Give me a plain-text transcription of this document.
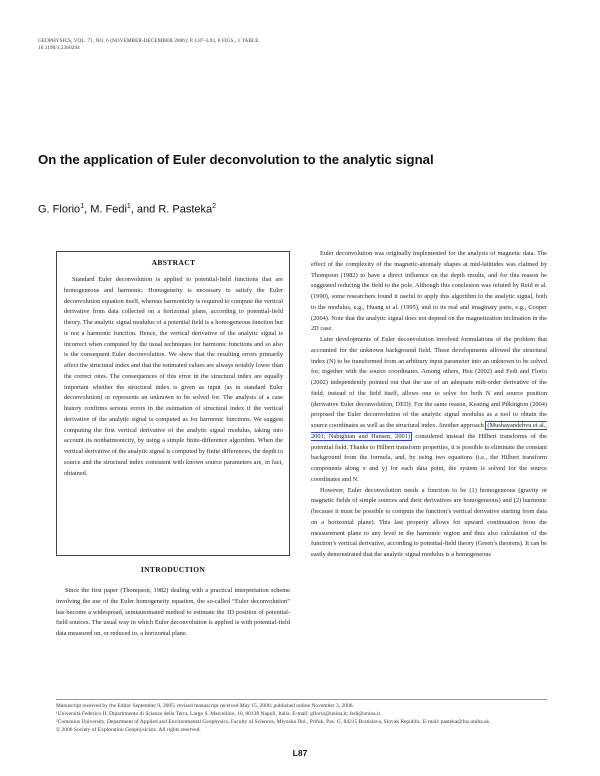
GEOPHYSICS, VOL. 71, NO. 6 (NOVEMBER-DECEMBER 2006); P. L87–L93, 6 FIGS., 1 TABLE.
10.1190/1.2360204
On the application of Euler deconvolution to the analytic signal
G. Florio$^1$, M. Fedi$^1$, and R. Pasteka$^2$
ABSTRACT
Standard Euler deconvolution is applied to potential-field functions that are homogeneous and harmonic. Homogeneity is necessary to satisfy the Euler deconvolution equation itself, whereas harmonicity is required to compute the vertical derivative from data collected on a horizontal plane, according to potential-field theory. The analytic signal modulus of a potential field is a homogeneous function but is not a harmonic function. Hence, the vertical derivative of the analytic signal is incorrect when computed by the usual techniques for harmonic functions and so also is the consequent Euler deconvolution. We show that the resulting errors primarily affect the structural index and that the estimated values are always notably lower than the correct ones. The consequences of this error in the structural index are equally important whether the structural index is given as input (as in standard Euler deconvolution) or represents an unknown to be solved for. The analysis of a case history confirms serious errors in the estimation of structural index if the vertical derivative of the analytic signal is computed as for harmonic functions. We suggest computing the first vertical derivative of the analytic signal modulus, taking into account its nonharmonicity, by using a simple finite-difference algorithm. When the vertical derivative of the analytic signal is computed by finite differences, the depth to source and the structural index consistent with known source parameters are, in fact, obtained.
INTRODUCTION

Since the first paper (Thompson, 1982) dealing with a practical interpretation scheme involving the use of the Euler homogeneity equation, the so-called “Euler deconvolution” has become a widespread, semiautomated method to estimate the 3D position of potential-field sources. The usual way in which Euler deconvolution is applied is with potential-field data measured on, or reduced to, a horizontal plane.

Euler deconvolution was originally implemented for the analysis of magnetic data. The effect of the complexity of the magnetic-anomaly shapes at mid-latitudes was claimed by Thompson (1982) to have a direct influence on the depth results, and for this reason he suggested reducing the field to the pole. Although this conclusion was refuted by Reid et al. (1990), some researchers found it useful to apply this algorithm to the analytic signal, both to the modulus, e.g., Huang et al. (1995), and to its real and imaginary parts, e.g., Cooper (2004). Note that the analytic signal does not depend on the magnetization inclination in the 2D case.

Later developments of Euler deconvolution involved formulations of the problem that accounted for the unknown background field. These developments allowed the structural index (N) to be transformed from an arbitrary input parameter into an unknown to be solved for, together with the source coordinates. Among others, Hsu (2002) and Fedi and Florio (2002) independently pointed out that the use of an adequate mth-order derivative of the field, instead of the field itself, allows one to solve for both N and source position (derivative Euler deconvolution, DED). For the same reason, Keating and Pilkington (2004) proposed the Euler deconvolution of the analytic signal modulus as a tool to obtain the source coordinates as well as the structural index. Another approach (Mushayandebvu et al., 2001; Nabighian and Hansen, 2001) considered instead the Hilbert transforms of the potential field. Thanks to Hilbert transform properties, it is possible to eliminate the constant background from the formula, and, by using two equations (i.e., the Hilbert transform components along x and y) for each data point, the system is solved for the source coordinates and N.

However, Euler deconvolution needs a function to be (1) homogeneous (gravity or magnetic fields of simple sources and their derivatives are homogeneous) and (2) harmonic (because it must be possible to compute the function’s vertical derivative starting from data on a horizontal plane). This last property allows for upward continuation from the measurement plane to any level in the harmonic region and thus also calculation of the function’s vertical derivative, according to potential-field theory (Green’s theorem). It can be easily demonstrated that the analytic signal modulus is a homogeneous

Manuscript received by the Editor September 9, 2005; revised manuscript received May 15, 2006; published online November 3, 2006.
¹Università Federico II, Dipartimento di Scienze della Terra, Largo S. Marcellino, 10, 80138 Napoli, Italia. E-mail: gflorio@unina.it; fedi@unina.it.
²Comenius University, Department of Applied and Environmental Geophysics, Faculty of Sciences, Mlynska Dol., Prifuk, Pav. G, 84215 Bratislava, Slovak Republic. E-mail: pasteka@fns.uniba.sk.
© 2006 Society of Exploration Geophysicists. All rights reserved.
L87
